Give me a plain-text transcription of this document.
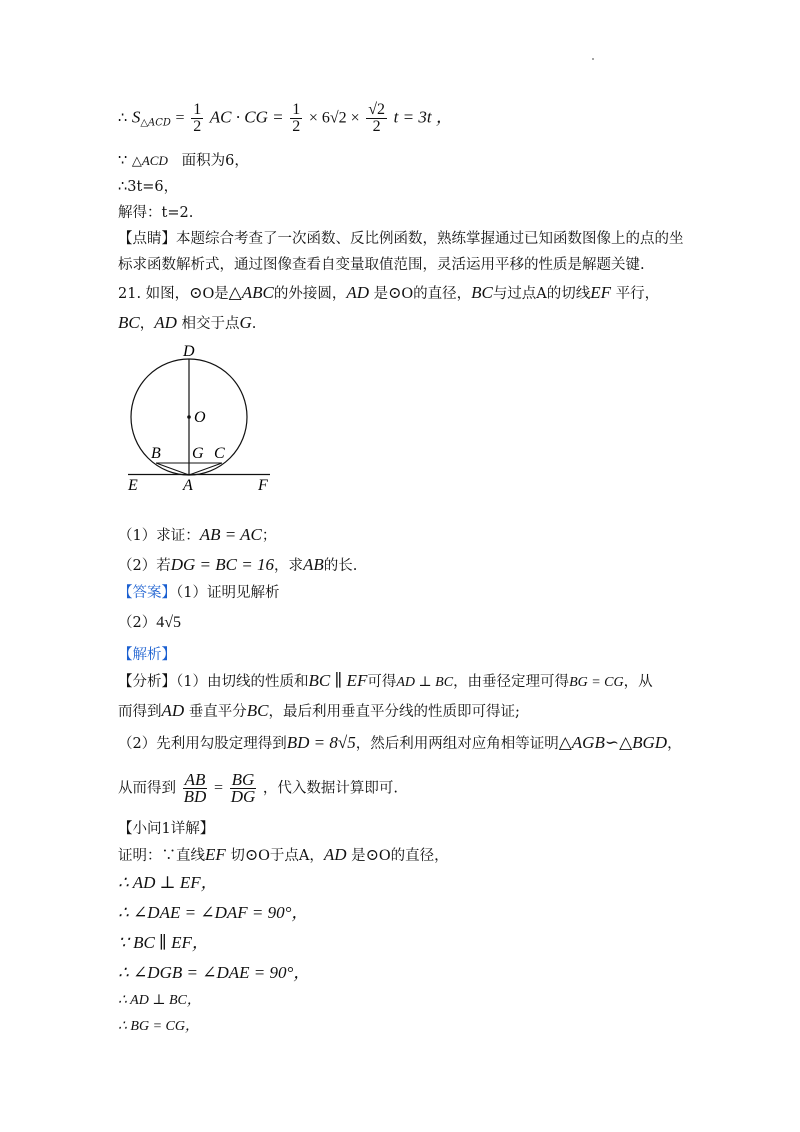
∴ $S_{\triangle ACD} = \frac{1}{2}$ AC · CG = $\frac{1}{2} \times 6√2 \times \frac{√2}{2}$ t = 3t ，
∵ △ACD 面积为6，
∴3t=6，
解得：t=2.
【点睛】本题综合考查了一次函数、反比例函数，熟练掌握通过已知函数图像上的点的坐
标求函数解析式，通过图像查看自变量取值范围，灵活运用平移的性质是解题关键.
21. 如图，⊙O是△ABC的外接圆，AD 是⊙O的直径，BC与过点A的切线EF 平行，
BC，AD 相交于点G.
D
O
B G C
E	A	F
（1）求证：AB = AC；
（2）若DG = BC = 16，求AB的长.
【答案】（1）证明见解析
（2）4√5
【解析】
【分析】（1）由切线的性质和BC ∥ EF可得AD ⊥ BC，由垂径定理可得BG = CG，从
而得到AD 垂直平分BC，最后利用垂直平分线的性质即可得证;
（2）先利用勾股定理得到BD = 8√5，然后利用两组对应角相等证明△AGB∽△BGD，
从而得到 $\frac{AB}{BD} = \frac{BG}{DG}$ ，代入数据计算即可.
【小问1详解】
证明：∵直线EF 切⊙O于点A，AD 是⊙O的直径，
∴ AD ⊥ EF，
∴ ∠DAE = ∠DAF = 90°，
∵ BC ∥ EF，
∴ ∠DGB = ∠DAE = 90°，
∴ AD ⊥ BC，
∴ BG = CG，
